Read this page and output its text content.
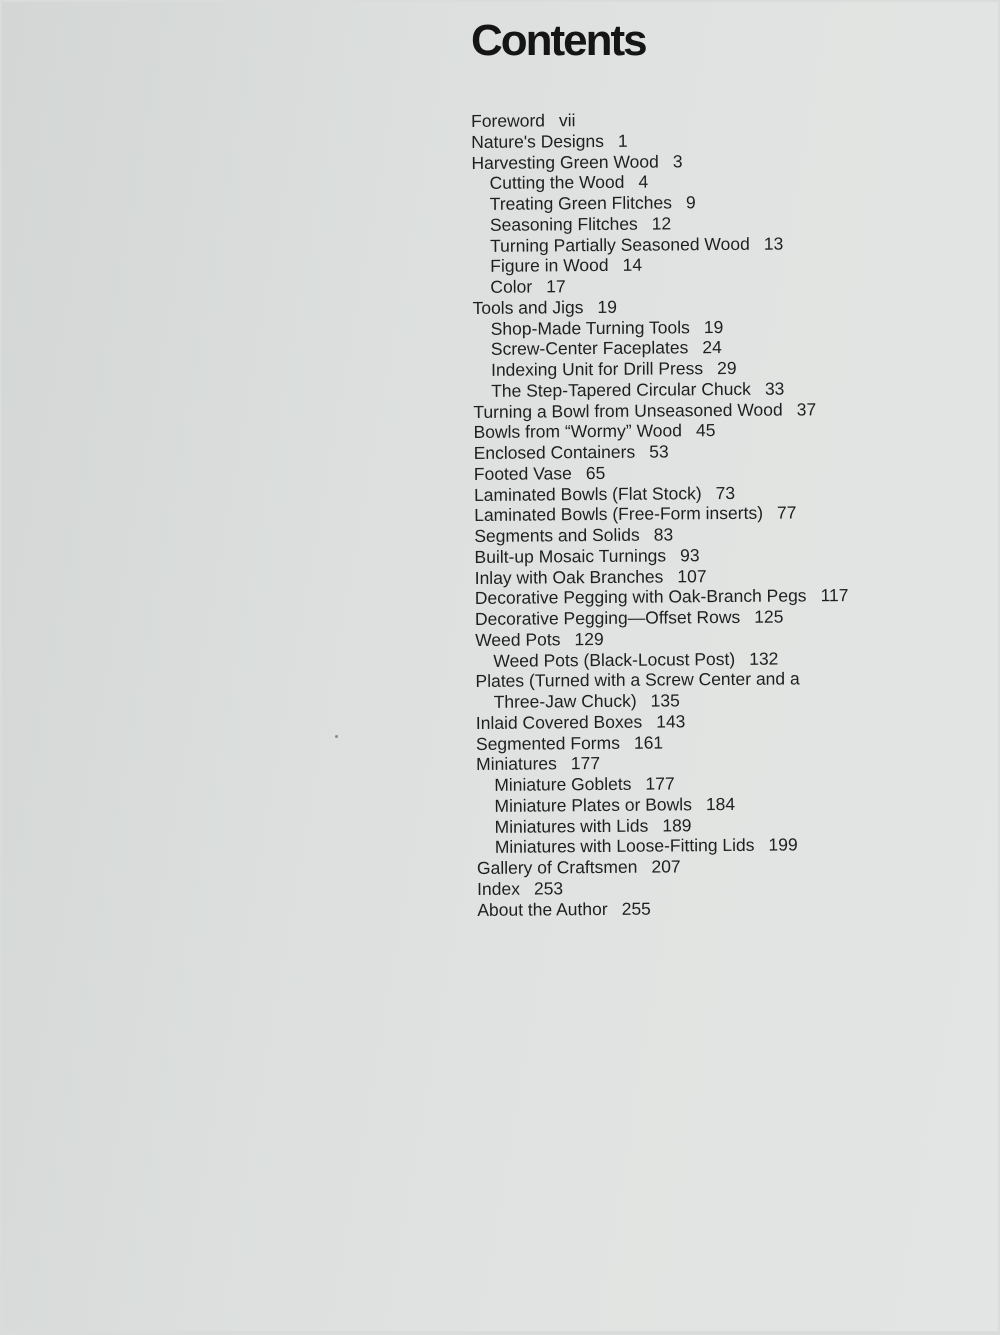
Contents
Foreword vii
Nature's Designs 1
Harvesting Green Wood 3
Cutting the Wood 4
Treating Green Flitches 9
Seasoning Flitches 12
Turning Partially Seasoned Wood 13
Figure in Wood 14
Color 17
Tools and Jigs 19
Shop-Made Turning Tools 19
Screw-Center Faceplates 24
Indexing Unit for Drill Press 29
The Step-Tapered Circular Chuck 33
Turning a Bowl from Unseasoned Wood 37
Bowls from “Wormy” Wood 45
Enclosed Containers 53
Footed Vase 65
Laminated Bowls (Flat Stock) 73
Laminated Bowls (Free-Form inserts) 77
Segments and Solids 83
Built-up Mosaic Turnings 93
Inlay with Oak Branches 107
Decorative Pegging with Oak-Branch Pegs 117
Decorative Pegging—Offset Rows 125
Weed Pots 129
Weed Pots (Black-Locust Post) 132
Plates (Turned with a Screw Center and a
Three-Jaw Chuck) 135
Inlaid Covered Boxes 143
Segmented Forms 161
Miniatures 177
Miniature Goblets 177
Miniature Plates or Bowls 184
Miniatures with Lids 189
Miniatures with Loose-Fitting Lids 199
Gallery of Craftsmen 207
Index 253
About the Author 255
